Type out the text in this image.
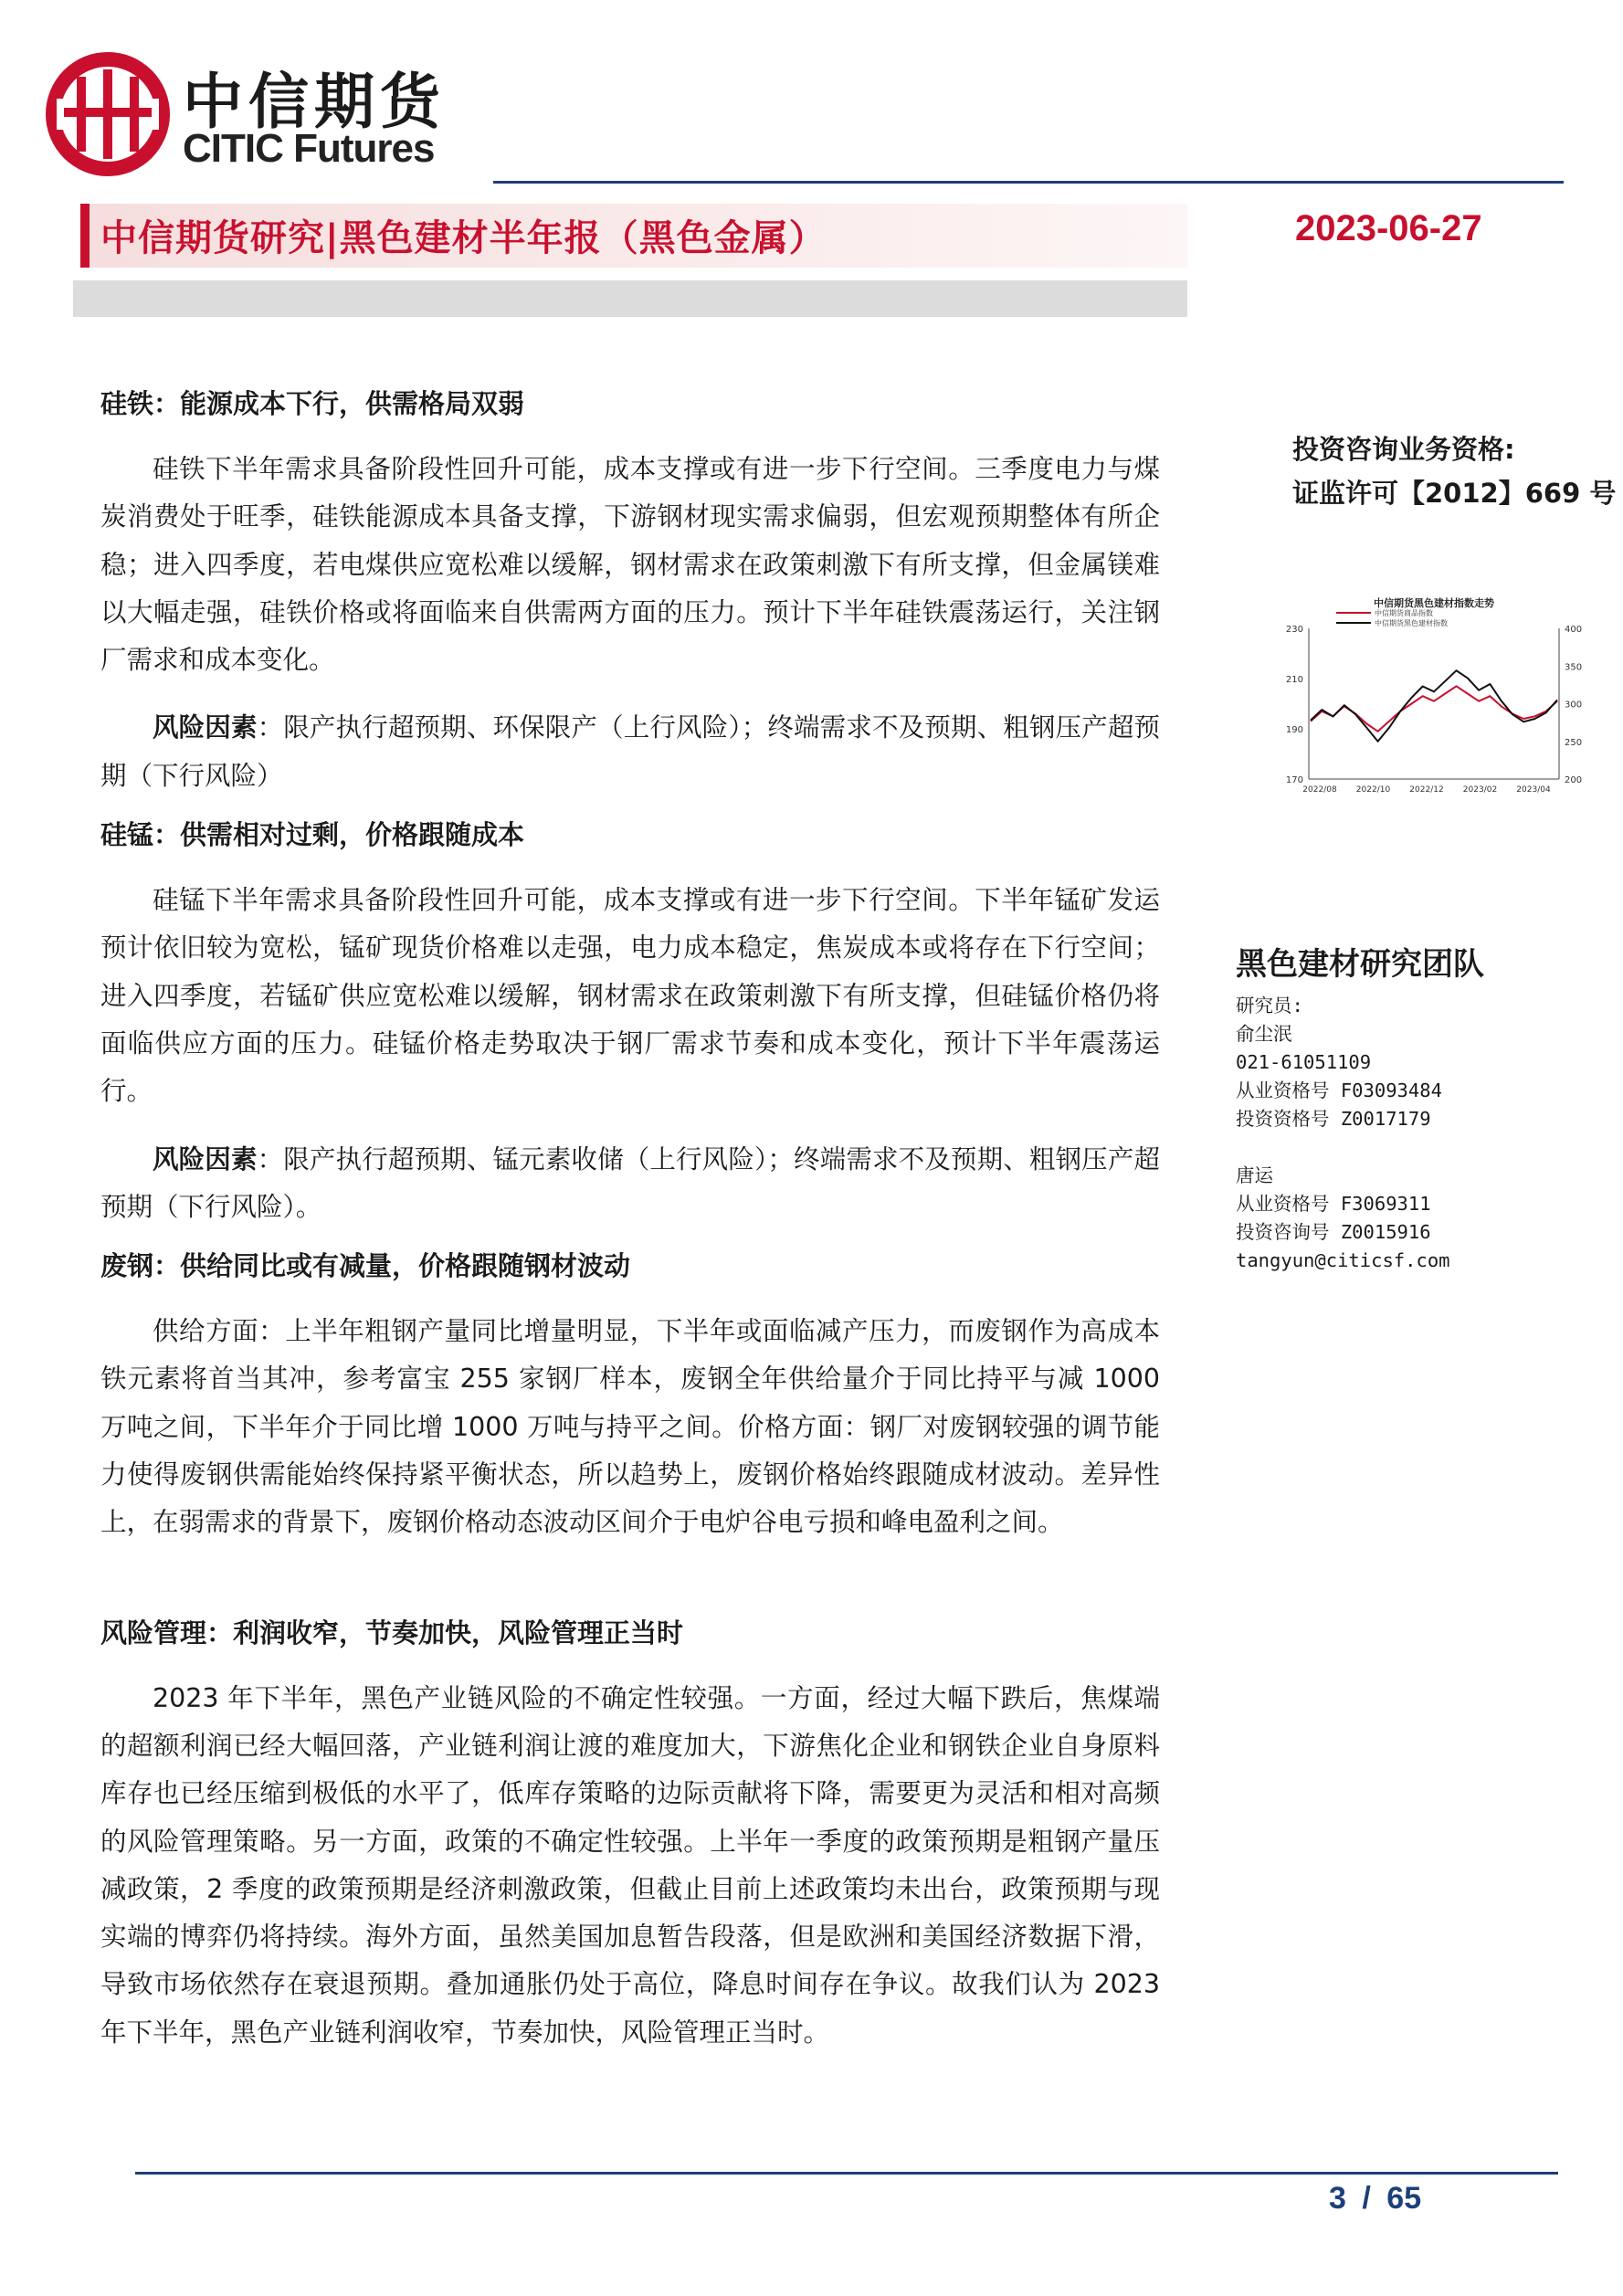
中信期货
CITIC Futures
中信期货研究|黑色建材半年报（黑色金属）	2023-06-27
硅铁：能源成本下行，供需格局双弱

硅铁下半年需求具备阶段性回升可能，成本支撑或有进一步下行空间。三季度电力与煤炭消费处于旺季，硅铁能源成本具备支撑，下游钢材现实需求偏弱，但宏观预期整体有所企稳；进入四季度，若电煤供应宽松难以缓解，钢材需求在政策刺激下有所支撑，但金属镁难以大幅走强，硅铁价格或将面临来自供需两方面的压力。预计下半年硅铁震荡运行，关注钢厂需求和成本变化。

风险因素：限产执行超预期、环保限产（上行风险）；终端需求不及预期、粗钢压产超预期（下行风险）

硅锰：供需相对过剩，价格跟随成本

硅锰下半年需求具备阶段性回升可能，成本支撑或有进一步下行空间。下半年锰矿发运预计依旧较为宽松，锰矿现货价格难以走强，电力成本稳定，焦炭成本或将存在下行空间；进入四季度，若锰矿供应宽松难以缓解，钢材需求在政策刺激下有所支撑，但硅锰价格仍将面临供应方面的压力。硅锰价格走势取决于钢厂需求节奏和成本变化，预计下半年震荡运行。

风险因素：限产执行超预期、锰元素收储（上行风险）；终端需求不及预期、粗钢压产超预期（下行风险）。

废钢：供给同比或有减量，价格跟随钢材波动

供给方面：上半年粗钢产量同比增量明显，下半年或面临减产压力，而废钢作为高成本铁元素将首当其冲，参考富宝 255 家钢厂样本，废钢全年供给量介于同比持平与减 1000 万吨之间，下半年介于同比增 1000 万吨与持平之间。价格方面：钢厂对废钢较强的调节能力使得废钢供需能始终保持紧平衡状态，所以趋势上，废钢价格始终跟随成材波动。差异性上，在弱需求的背景下，废钢价格动态波动区间介于电炉谷电亏损和峰电盈利之间。

风险管理：利润收窄，节奏加快，风险管理正当时

2023 年下半年，黑色产业链风险的不确定性较强。一方面，经过大幅下跌后，焦煤端的超额利润已经大幅回落，产业链利润让渡的难度加大，下游焦化企业和钢铁企业自身原料库存也已经压缩到极低的水平了，低库存策略的边际贡献将下降，需要更为灵活和相对高频的风险管理策略。另一方面，政策的不确定性较强。上半年一季度的政策预期是粗钢产量压减政策，2 季度的政策预期是经济刺激政策，但截止目前上述政策均未出台，政策预期与现实端的博弈仍将持续。海外方面，虽然美国加息暂告段落，但是欧洲和美国经济数据下滑，导致市场依然存在衰退预期。叠加通胀仍处于高位，降息时间存在争议。故我们认为 2023 年下半年，黑色产业链利润收窄，节奏加快，风险管理正当时。

投资咨询业务资格:
证监许可【2012】669 号
中信期货黑色建材指数走势
中信期货商品指数
中信期货黑色建材指数
170
190
210
230
200
250
300
350
400
2022/08 2022/10 2022/12 2023/02 2023/04
黑色建材研究团队
研究员:
俞尘泯
021-61051109
从业资格号 F03093484
投资资格号 Z0017179
唐运
从业资格号 F3069311
投资咨询号 Z0015916
tangyun@citicsf.com
3 / 65
